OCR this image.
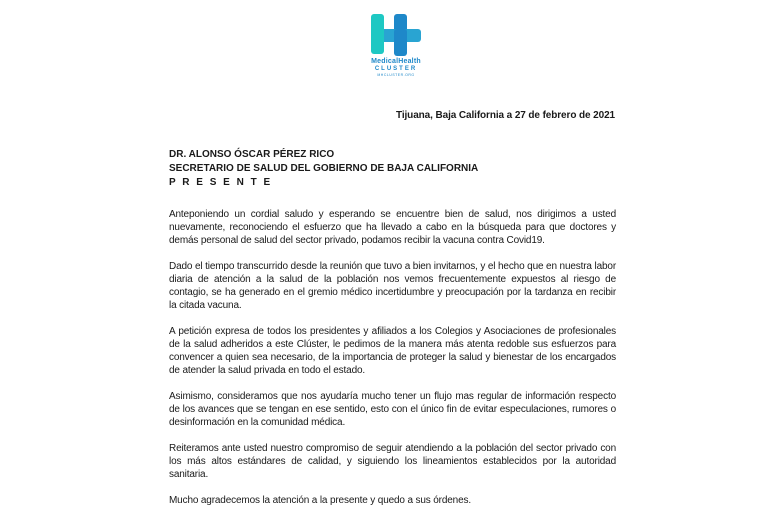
MedicalHealth
CLUSTER
MHCLUSTER.ORG
Tijuana, Baja California a 27 de febrero de 2021
DR. ALONSO ÓSCAR PÉREZ RICO
SECRETARIO DE SALUD DEL GOBIERNO DE BAJA CALIFORNIA
P R E S E N T E

Anteponiendo un cordial saludo y esperando se encuentre bien de salud, nos dirigimos a usted nuevamente, reconociendo el esfuerzo que ha llevado a cabo en la búsqueda para que doctores y demás personal de salud del sector privado, podamos recibir la vacuna contra Covid19.

Dado el tiempo transcurrido desde la reunión que tuvo a bien invitarnos, y el hecho que en nuestra labor diaria de atención a la salud de la población nos vemos frecuentemente expuestos al riesgo de contagio, se ha generado en el gremio médico incertidumbre y preocupación por la tardanza en recibir la citada vacuna.

A petición expresa de todos los presidentes y afiliados a los Colegios y Asociaciones de profesionales de la salud adheridos a este Clúster, le pedimos de la manera más atenta redoble sus esfuerzos para convencer a quien sea necesario, de la importancia de proteger la salud y bienestar de los encargados de atender la salud privada en todo el estado.

Asimismo, consideramos que nos ayudaría mucho tener un flujo mas regular de información respecto de los avances que se tengan en ese sentido, esto con el único fin de evitar especulaciones, rumores o desinformación en la comunidad médica.

Reiteramos ante usted nuestro compromiso de seguir atendiendo a la población del sector privado con los más altos estándares de calidad, y siguiendo los lineamientos establecidos por la autoridad sanitaria.

Mucho agradecemos la atención a la presente y quedo a sus órdenes.
